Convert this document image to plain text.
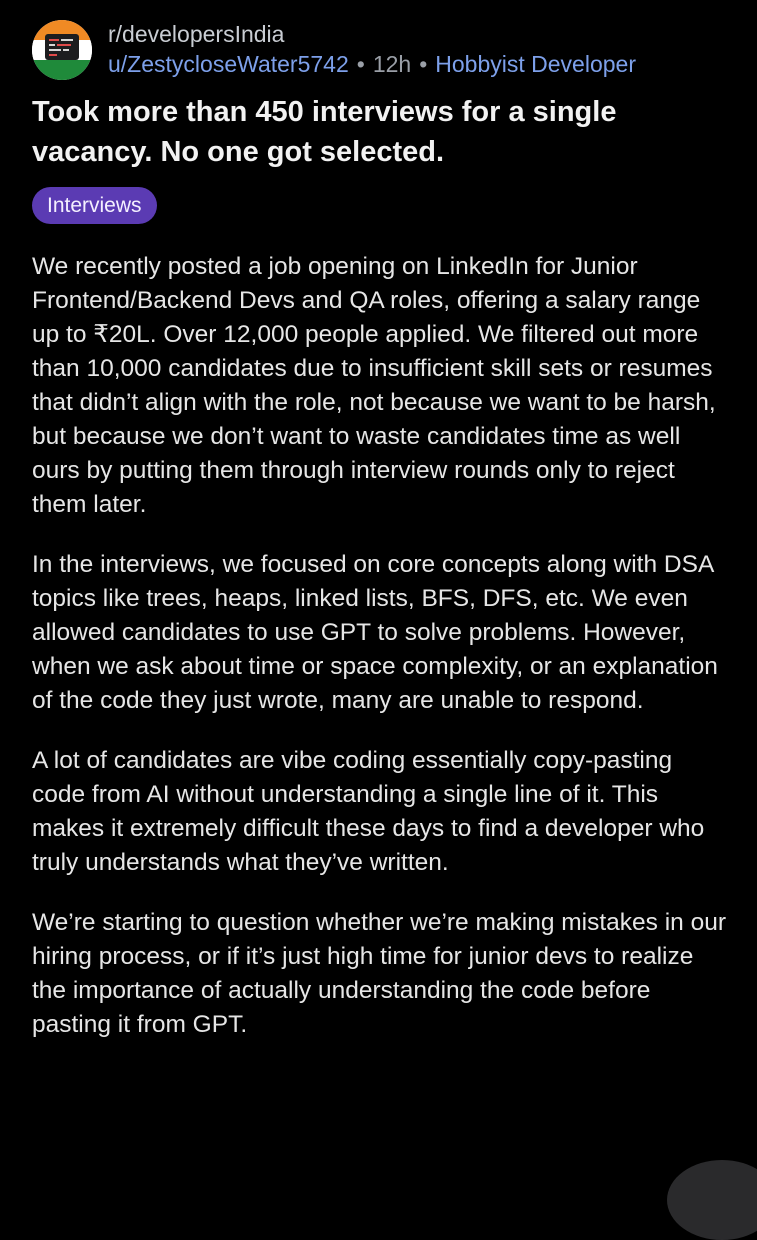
r/developersIndia
u/ZestycloseWater5742 • 12h • Hobbyist Developer
Took more than 450 interviews for a single vacancy. No one got selected.
Interviews

We recently posted a job opening on LinkedIn for Junior Frontend/Backend Devs and QA roles, offering a salary range up to ₹20L. Over 12,000 people applied. We filtered out more than 10,000 candidates due to insufficient skill sets or resumes that didn’t align with the role, not because we want to be harsh, but because we don’t want to waste candidates time as well ours by putting them through interview rounds only to reject them later.

In the interviews, we focused on core concepts along with DSA topics like trees, heaps, linked lists, BFS, DFS, etc. We even allowed candidates to use GPT to solve problems. However, when we ask about time or space complexity, or an explanation of the code they just wrote, many are unable to respond.

A lot of candidates are vibe coding essentially copy-pasting code from AI without understanding a single line of it. This makes it extremely difficult these days to find a developer who truly understands what they’ve written.

We’re starting to question whether we’re making mistakes in our hiring process, or if it’s just high time for junior devs to realize the importance of actually understanding the code before pasting it from GPT.
